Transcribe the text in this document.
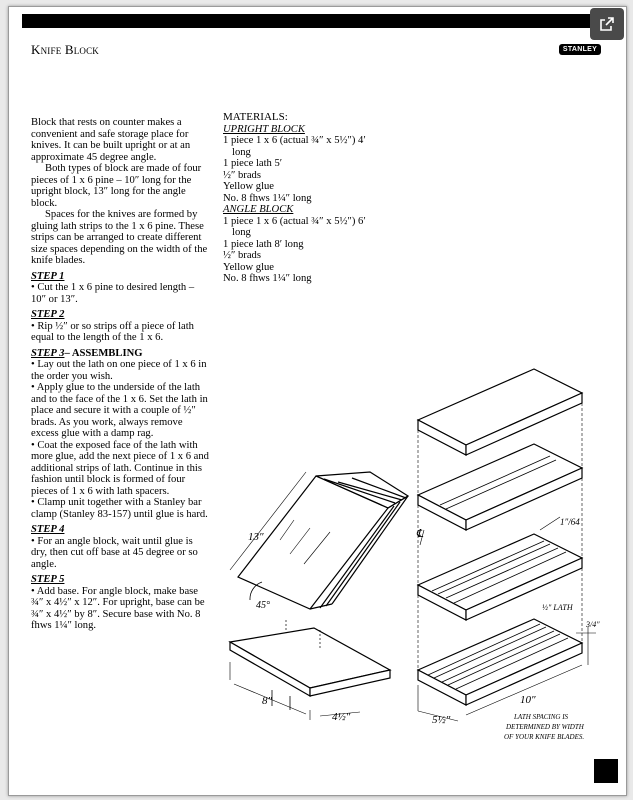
Knife Block	STANLEY

Block that rests on counter makes a convenient and safe storage place for knives. It can be built upright or at an approximate 45 degree angle.

Both types of block are made of four pieces of 1 x 6 pine – 10″ long for the upright block, 13″ long for the angle block.

Spaces for the knives are formed by gluing lath strips to the 1 x 6 pine. These strips can be arranged to create different size spaces depending on the width of the knife blades.

STEP 1

• Cut the 1 x 6 pine to desired length – 10″ or 13″.

STEP 2

• Rip ½″ or so strips off a piece of lath equal to the length of the 1 x 6.

STEP 3– ASSEMBLING

• Lay out the lath on one piece of 1 x 6 in the order you wish.

• Apply glue to the underside of the lath and to the face of the 1 x 6. Set the lath in place and secure it with a couple of ½″ brads. As you work, always remove excess glue with a damp rag.

• Coat the exposed face of the lath with more glue, add the next piece of 1 x 6 and additional strips of lath. Continue in this fashion until block is formed of four pieces of 1 x 6 with lath spacers.

• Clamp unit together with a Stanley bar clamp (Stanley 83-157) until glue is hard.

STEP 4

• For an angle block, wait until glue is dry, then cut off base at 45 degree or so angle.

STEP 5

• Add base. For angle block, make base ¾″ x 4½″ x 12″. For upright, base can be ¾″ x 4½″ by 8″. Secure base with No. 8 fhws 1¼″ long.

MATERIALS:

UPRIGHT BLOCK

1 piece 1 x 6 (actual ¾″ x 5½″) 4′ long

1 piece lath 5′

½″ brads

Yellow glue

No. 8 fhws 1¼″ long

ANGLE BLOCK

1 piece 1 x 6 (actual ¾″ x 5½″) 6′ long

1 piece lath 8′ long

½″ brads

Yellow glue

No. 8 fhws 1¼″ long

13″
45°
8″
4½″
℄
1″/64
½″ LATH
3/4″
10″
5½″	LATH SPACING IS
DETERMINED BY WIDTH
OF YOUR KNIFE BLADES.
